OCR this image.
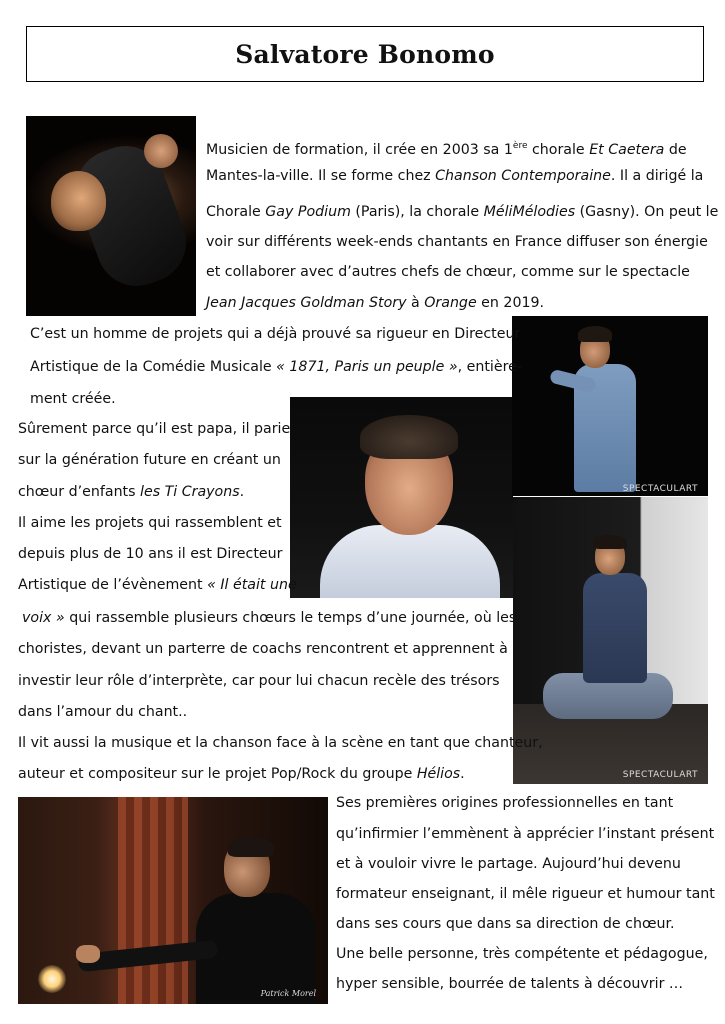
Salvatore Bonomo
SPECTACULART
SPECTACULART
Patrick Morel
Musicien de formation, il crée en 2003 sa 1ère chorale Et Caetera de
Mantes-la-ville. Il se forme chez Chanson Contemporaine. Il a dirigé la
Chorale Gay Podium (Paris), la chorale MéliMélodies (Gasny). On peut le
voir sur différents week-ends chantants en France diffuser son énergie
et collaborer avec d’autres chefs de chœur, comme sur le spectacle
Jean Jacques Goldman Story à Orange en 2019.
C’est un homme de projets qui a déjà prouvé sa rigueur en Directeur
Artistique de la Comédie Musicale « 1871, Paris un peuple », entière-
ment créée.
Sûrement parce qu’il est papa, il parie
sur la génération future en créant un
chœur d’enfants les Ti Crayons.
Il aime les projets qui rassemblent et
depuis plus de 10 ans il est Directeur
Artistique de l’évènement « Il était une
voix » qui rassemble plusieurs chœurs le temps d’une journée, où les
choristes, devant un parterre de coachs rencontrent et apprennent à
investir leur rôle d’interprète, car pour lui chacun recèle des trésors
dans l’amour du chant..
Il vit aussi la musique et la chanson face à la scène en tant que chanteur,
auteur et compositeur sur le projet Pop/Rock du groupe Hélios.
Ses premières origines professionnelles en tant
qu’infirmier l’emmènent à apprécier l’instant présent
et à vouloir vivre le partage. Aujourd’hui devenu
formateur enseignant, il mêle rigueur et humour tant
dans ses cours que dans sa direction de chœur.
Une belle personne, très compétente et pédagogue,
hyper sensible, bourrée de talents à découvrir …
